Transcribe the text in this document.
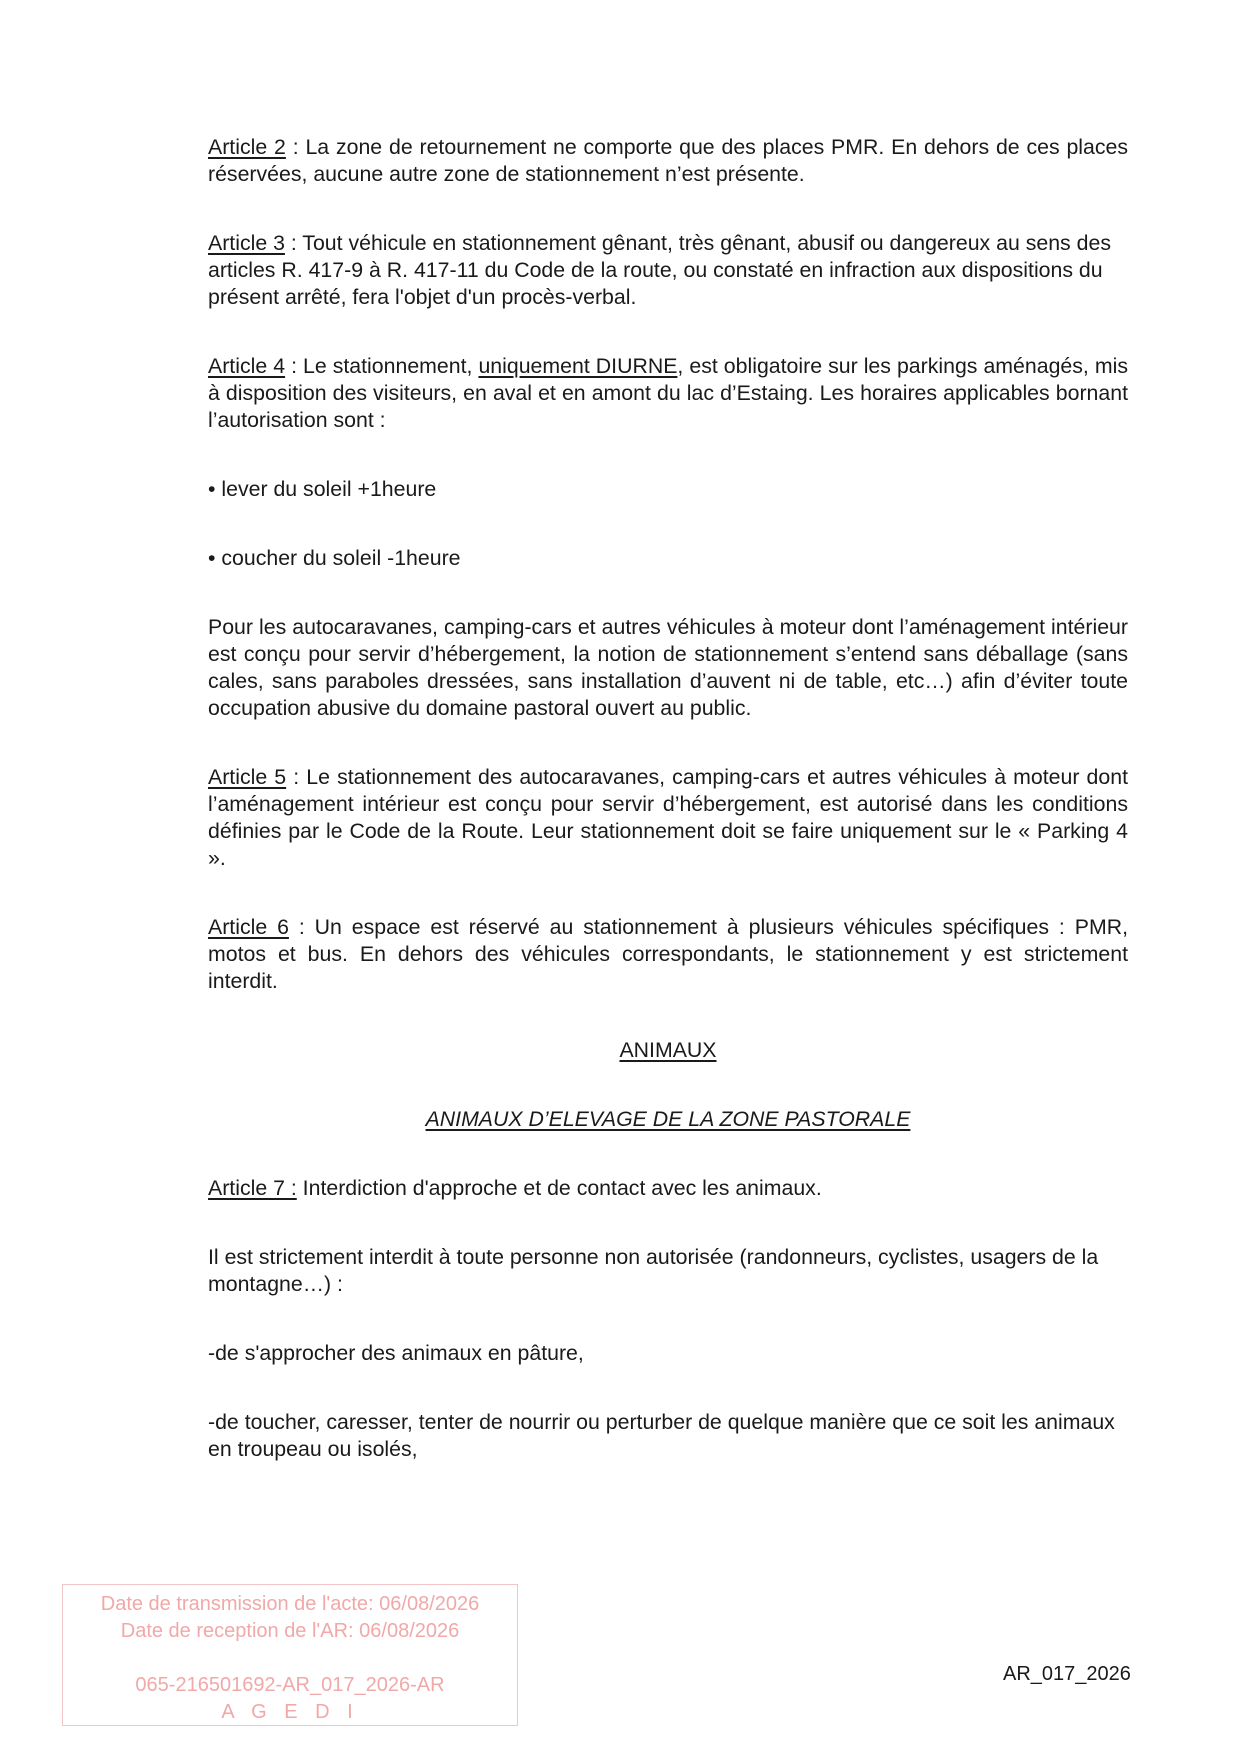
Article 2 : La zone de retournement ne comporte que des places PMR. En dehors de ces places réservées, aucune autre zone de stationnement n’est présente.

Article 3 : Tout véhicule en stationnement gênant, très gênant, abusif ou dangereux au sens des articles R. 417-9 à R. 417-11 du Code de la route, ou constaté en infraction aux dispositions du présent arrêté, fera l'objet d'un procès-verbal.

Article 4 : Le stationnement, uniquement DIURNE, est obligatoire sur les parkings aménagés, mis à disposition des visiteurs, en aval et en amont du lac d’Estaing. Les horaires applicables bornant l’autorisation sont :

• lever du soleil +1heure

• coucher du soleil -1heure

Pour les autocaravanes, camping-cars et autres véhicules à moteur dont l’aménagement intérieur est conçu pour servir d’hébergement, la notion de stationnement s’entend sans déballage (sans cales, sans paraboles dressées, sans installation d’auvent ni de table, etc…) afin d’éviter toute occupation abusive du domaine pastoral ouvert au public.

Article 5 : Le stationnement des autocaravanes, camping-cars et autres véhicules à moteur dont l’aménagement intérieur est conçu pour servir d’hébergement, est autorisé dans les conditions définies par le Code de la Route. Leur stationnement doit se faire uniquement sur le « Parking 4 ».

Article 6 : Un espace est réservé au stationnement à plusieurs véhicules spécifiques : PMR, motos et bus. En dehors des véhicules correspondants, le stationnement y est strictement interdit.

ANIMAUX

ANIMAUX D’ELEVAGE DE LA ZONE PASTORALE

Article 7 : Interdiction d'approche et de contact avec les animaux.

Il est strictement interdit à toute personne non autorisée (randonneurs, cyclistes, usagers de la montagne…) :

-de s'approcher des animaux en pâture,

-de toucher, caresser, tenter de nourrir ou perturber de quelque manière que ce soit les animaux en troupeau ou isolés,

Date de transmission de l'acte: 06/08/2026
Date de reception de l'AR: 06/08/2026
065-216501692-AR_017_2026-AR
A G E D I
AR_017_2026
